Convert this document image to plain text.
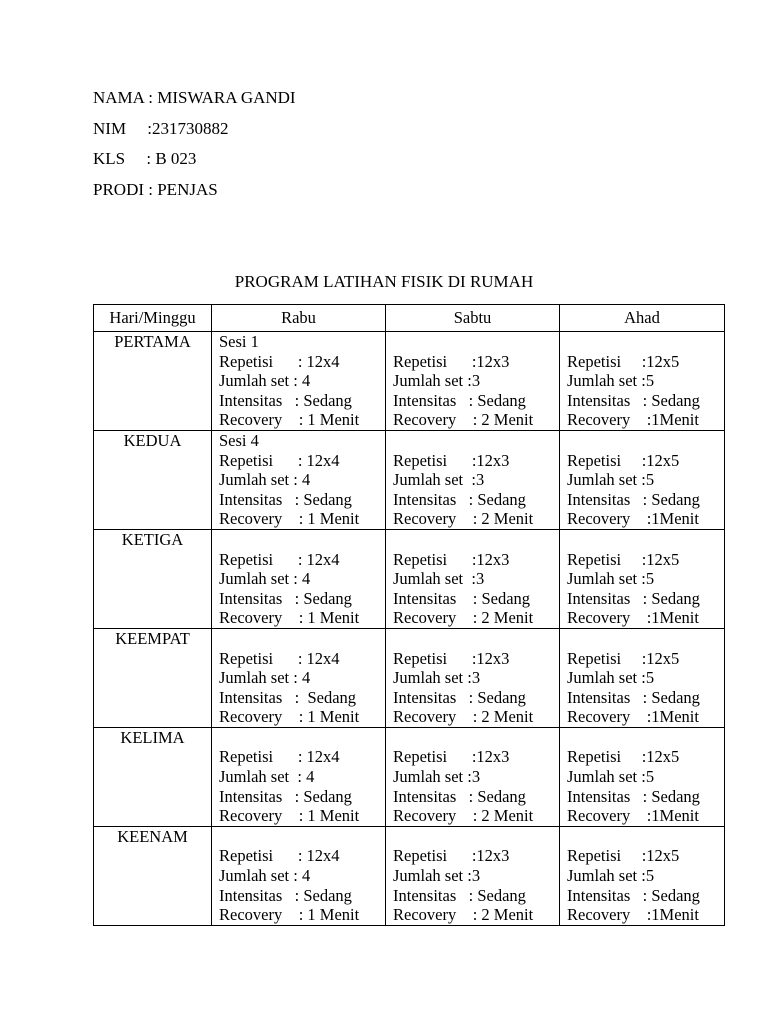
NAMA : MISWARA GANDI
NIM     :231730882
KLS     : B 023
PRODI : PENJAS
PROGRAM LATIHAN FISIK DI RUMAH
Hari/Minggu	Rabu	Sabtu	Ahad
PERTAMA	Sesi 1
Repetisi      : 12x4
Jumlah set : 4
Intensitas   : Sedang
Recovery    : 1 Menit	Repetisi      :12x3
Jumlah set :3
Intensitas   : Sedang
Recovery    : 2 Menit	Repetisi     :12x5
Jumlah set :5
Intensitas   : Sedang
Recovery    :1Menit

KEDUA	Sesi 4
Repetisi      : 12x4
Jumlah set : 4
Intensitas   : Sedang
Recovery    : 1 Menit	Repetisi      :12x3
Jumlah set  :3
Intensitas   : Sedang
Recovery    : 2 Menit	Repetisi     :12x5
Jumlah set :5
Intensitas   : Sedang
Recovery    :1Menit

KETIGA	Repetisi      : 12x4
Jumlah set : 4
Intensitas   : Sedang
Recovery    : 1 Menit	Repetisi      :12x3
Jumlah set  :3
Intensitas    : Sedang
Recovery    : 2 Menit	Repetisi     :12x5
Jumlah set :5
Intensitas   : Sedang
Recovery    :1Menit

KEEMPAT	Repetisi      : 12x4
Jumlah set : 4
Intensitas   :  Sedang
Recovery    : 1 Menit	Repetisi      :12x3
Jumlah set :3
Intensitas   : Sedang
Recovery    : 2 Menit	Repetisi     :12x5
Jumlah set :5
Intensitas   : Sedang
Recovery    :1Menit

KELIMA	Repetisi      : 12x4
Jumlah set  : 4
Intensitas   : Sedang
Recovery    : 1 Menit	Repetisi      :12x3
Jumlah set :3
Intensitas   : Sedang
Recovery    : 2 Menit	Repetisi     :12x5
Jumlah set :5
Intensitas   : Sedang
Recovery    :1Menit

KEENAM	Repetisi      : 12x4
Jumlah set : 4
Intensitas   : Sedang
Recovery    : 1 Menit	Repetisi      :12x3
Jumlah set :3
Intensitas   : Sedang
Recovery    : 2 Menit	Repetisi     :12x5
Jumlah set :5
Intensitas   : Sedang
Recovery    :1Menit
